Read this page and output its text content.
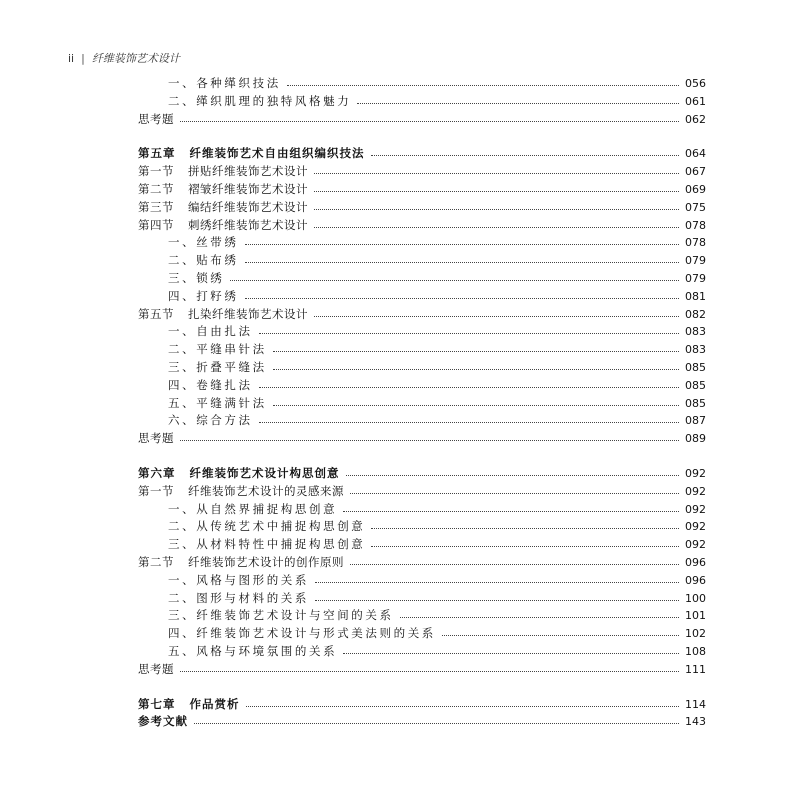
ii | 纤维装饰艺术设计
一、各种缂织技法	056
二、缂织肌理的独特风格魅力	061
思考题	062
第五章 纤维装饰艺术自由组织编织技法	064
第一节 拼贴纤维装饰艺术设计	067
第二节 褶皱纤维装饰艺术设计	069
第三节 编结纤维装饰艺术设计	075
第四节 刺绣纤维装饰艺术设计	078
一、丝带绣	078
二、贴布绣	079
三、锁绣	079
四、打籽绣	081
第五节 扎染纤维装饰艺术设计	082
一、自由扎法	083
二、平缝串针法	083
三、折叠平缝法	085
四、卷缝扎法	085
五、平缝满针法	085
六、综合方法	087
思考题	089
第六章 纤维装饰艺术设计构思创意	092
第一节 纤维装饰艺术设计的灵感来源	092
一、从自然界捕捉构思创意	092
二、从传统艺术中捕捉构思创意	092
三、从材料特性中捕捉构思创意	092
第二节 纤维装饰艺术设计的创作原则	096
一、风格与图形的关系	096
二、图形与材料的关系	100
三、纤维装饰艺术设计与空间的关系	101
四、纤维装饰艺术设计与形式美法则的关系	102
五、风格与环境氛围的关系	108
思考题	111
第七章 作品赏析	114
参考文献	143
